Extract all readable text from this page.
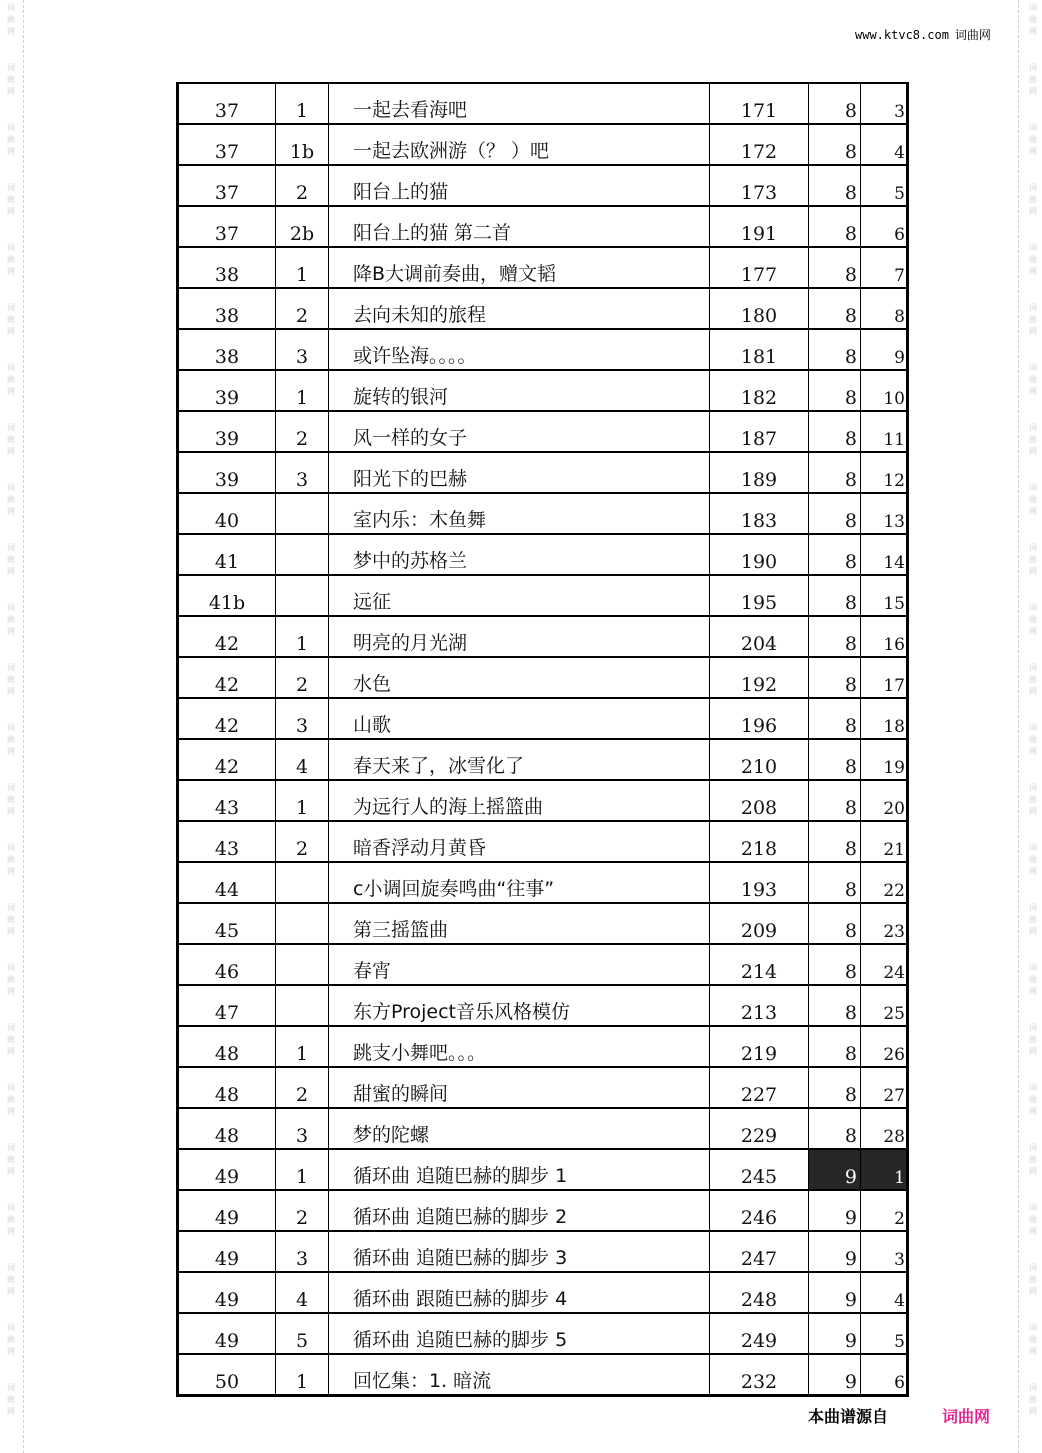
词
曲
网
词
曲
网
词
曲
网
词
曲
网
词
曲
网
词
曲
网
词
曲
网
词
曲
网
词
曲
网
词
曲
网
词
曲
网
词
曲
网
词
曲
网
词
曲
网
词
曲
网
词
曲
网
词
曲
网
词
曲
网
词
曲
网
词
曲
网
词
曲
网
词
曲
网
词
曲
网
词
曲
网
词
曲
网
词
曲
网
词
曲
网
词
曲
网
词
曲
网
词
曲
网
词
曲
网
词
曲
网
词
曲
网
词
曲
网
词
曲
网
词
曲
网
词
曲
网
词
曲
网
词
曲
网
词
曲
网
词
曲
网
词
曲
网
词
曲
网
词
曲
网
词
曲
网
词
曲
网
词
曲
网
词
曲
网
www.ktvc8.com 词曲网
37	1	一起去看海吧	171	8	3
37	1b	一起去欧洲游（？ ）吧	172	8	4
37	2	阳台上的猫	173	8	5
37	2b	阳台上的猫 第二首	191	8	6
38	1	降B大调前奏曲，赠文韬	177	8	7
38	2	去向未知的旅程	180	8	8
38	3	或许坠海。。。。	181	8	9
39	1	旋转的银河	182	8	10
39	2	风一样的女子	187	8	11
39	3	阳光下的巴赫	189	8	12
40		室内乐：木鱼舞	183	8	13
41		梦中的苏格兰	190	8	14
41b		远征	195	8	15
42	1	明亮的月光湖	204	8	16
42	2	水色	192	8	17
42	3	山歌	196	8	18
42	4	春天来了，冰雪化了	210	8	19
43	1	为远行人的海上摇篮曲	208	8	20
43	2	暗香浮动月黄昏	218	8	21
44		c小调回旋奏鸣曲“往事”	193	8	22
45		第三摇篮曲	209	8	23
46		春宵	214	8	24
47		东方Project音乐风格模仿	213	8	25
48	1	跳支小舞吧。。。	219	8	26
48	2	甜蜜的瞬间	227	8	27
48	3	梦的陀螺	229	8	28
49	1	循环曲 追随巴赫的脚步 1	245	9	1
49	2	循环曲 追随巴赫的脚步 2	246	9	2
49	3	循环曲 追随巴赫的脚步 3	247	9	3
49	4	循环曲 跟随巴赫的脚步 4	248	9	4
49	5	循环曲 追随巴赫的脚步 5	249	9	5
50	1	回忆集：1. 暗流	232	9	6
本曲谱源自	词曲网
